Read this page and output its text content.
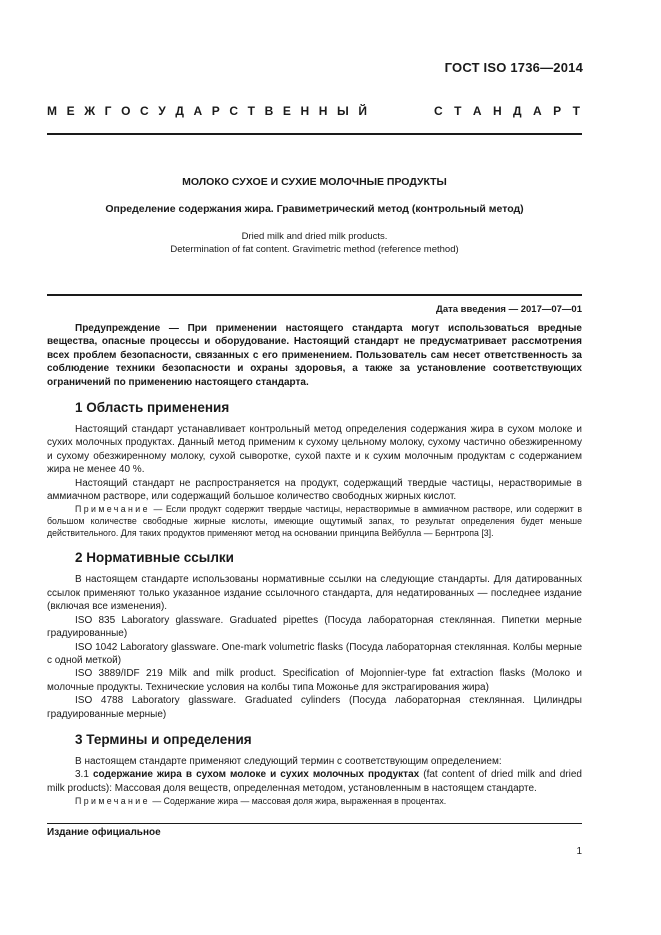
ГОСТ ISO 1736—2014
М Е Ж Г О С У Д А Р С Т В Е Н Н Ы Й	С Т А Н Д А Р Т
МОЛОКО СУХОЕ И СУХИЕ МОЛОЧНЫЕ ПРОДУКТЫ
Определение содержания жира. Гравиметрический метод (контрольный метод)
Dried milk and dried milk products.
Determination of fat content. Gravimetric method (reference method)
Дата введения — 2017—07—01

Предупреждение — При применении настоящего стандарта могут использоваться вредные вещества, опасные процессы и оборудование. Настоящий стандарт не предусматривает рассмотрения всех проблем безопасности, связанных с его применением. Пользователь сам несет ответственность за соблюдение техники безопасности и охраны здоровья, а также за установление соответствующих ограничений по применению настоящего стандарта.

1 Область применения

Настоящий стандарт устанавливает контрольный метод определения содержания жира в сухом молоке и сухих молочных продуктах. Данный метод применим к сухому цельному молоку, сухому частично обезжиренному и сухому обезжиренному молоку, сухой сыворотке, сухой пахте и к сухим молочным продуктам с содержанием жира не менее 40 %.

Настоящий стандарт не распространяется на продукт, содержащий твердые частицы, нерастворимые в аммиачном растворе, или содержащий большое количество свободных жирных кислот.

Примечание — Если продукт содержит твердые частицы, нерастворимые в аммиачном растворе, или содержит в большом количестве свободные жирные кислоты, имеющие ощутимый запах, то результат определения будет меньше действительного. Для таких продуктов применяют метод на основании принципа Вейбулла — Бернтропа [3].

2 Нормативные ссылки

В настоящем стандарте использованы нормативные ссылки на следующие стандарты. Для датированных ссылок применяют только указанное издание ссылочного стандарта, для недатированных — последнее издание (включая все изменения).

ISO 835 Laboratory glassware. Graduated pipettes (Посуда лабораторная стеклянная. Пипетки мерные градуированные)

ISO 1042 Laboratory glassware. One-mark volumetric flasks (Посуда лабораторная стеклянная. Колбы мерные с одной меткой)

ISO 3889/IDF 219 Milk and milk product. Specification of Mojonnier-type fat extraction flasks (Молоко и молочные продукты. Технические условия на колбы типа Можонье для экстрагирования жира)

ISO 4788 Laboratory glassware. Graduated cylinders (Посуда лабораторная стеклянная. Цилиндры градуированные мерные)

3 Термины и определения

В настоящем стандарте применяют следующий термин с соответствующим определением:

3.1 содержание жира в сухом молоке и сухих молочных продуктах (fat content of dried milk and dried milk products): Массовая доля веществ, определенная методом, установленным в настоящем стандарте.

Примечание — Содержание жира — массовая доля жира, выраженная в процентах.

Издание официальное
1
